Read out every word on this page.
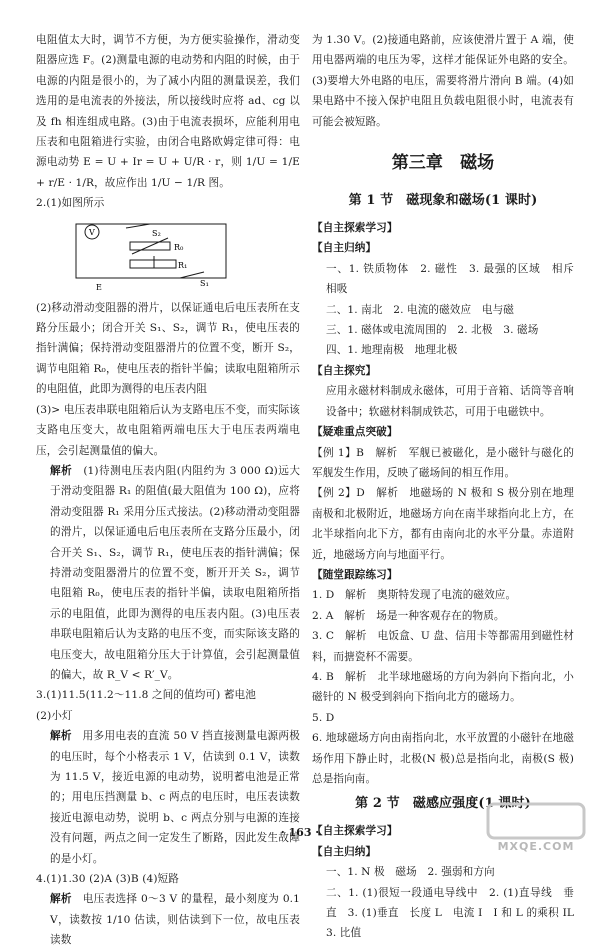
电阻值太大时，调节不方便，为方便实验操作，滑动变阻器应选 F。(2)测量电源的电动势和内阻的时候，由于电源的内阻是很小的，为了减小内阻的测量误差，我们选用的是电流表的外接法，所以接线时应将 ad、cg 以及 fh 相连组成电路。(3)由于电流表损坏，应能利用电压表和电阻箱进行实验，由闭合电路欧姆定律可得：电源电动势 E = U + Ir = U + U/R · r，则 1/U = 1/E + r/E · 1/R，故应作出 1/U − 1/R 图。
2.(1)如图所示
V	S₂
R₀
R₁
E	S₁
(2)移动滑动变阻器的滑片，以保证通电后电压表所在支路分压最小；闭合开关 S₁、S₂，调节 R₁，使电压表的指针满偏；保持滑动变阻器滑片的位置不变，断开 S₂，调节电阻箱 R₀，使电压表的指针半偏；读取电阻箱所示的电阻值，此即为测得的电压表内阻
(3)> 电压表串联电阻箱后认为支路电压不变，而实际该支路电压变大，故电阻箱两端电压大于电压表两端电压，会引起测量值的偏大。
解析　 (1)待测电压表内阻(内阻约为 3 000 Ω)远大于滑动变阻器 R₁ 的阻值(最大阻值为 100 Ω)，应将滑动变阻器 R₁ 采用分压式接法。(2)移动滑动变阻器的滑片，以保证通电后电压表所在支路分压最小，闭合开关 S₁、S₂，调节 R₁，使电压表的指针满偏；保持滑动变阻器滑片的位置不变，断开开关 S₂，调节电阻箱 R₀，使电压表的指针半偏，读取电阻箱所指示的电阻值，此即为测得的电压表内阻。(3)电压表串联电阻箱后认为支路的电压不变，而实际该支路的电压变大，故电阻箱分压大于计算值，会引起测量值的偏大，故 R_V < R′_V。
3.(1)11.5(11.2～11.8 之间的值均可) 蓄电池
(2)小灯
解析　 用多用电表的直流 50 V 挡直接测量电源两极的电压时，每个小格表示 1 V，估读到 0.1 V，读数为 11.5 V，接近电源的电动势，说明蓄电池是正常的；用电压挡测量 b、c 两点的电压时，电压表读数接近电源电动势，说明 b、c 两点分别与电源的连接没有问题，两点之间一定发生了断路，因此发生故障的是小灯。
4.(1)1.30 (2)A (3)B (4)短路
解析　 电压表选择 0～3 V 的量程，最小刻度为 0.1 V，读数按 1/10 估读，则估读到下一位，故电压表读数
为 1.30 V。(2)接通电路前，应该使滑片置于 A 端，使用电器两端的电压为零，这样才能保证外电路的安全。(3)要增大外电路的电压，需要将滑片滑向 B 端。(4)如果电路中不接入保护电阻且负载电阻很小时，电流表有可能会被短路。
第三章　磁场
第 1 节　磁现象和磁场(1 课时)
【自主探索学习】
【自主归纳】
一、1. 铁质物体　2. 磁性　3. 最强的区域　相斥　相吸
二、1. 南北　2. 电流的磁效应　电与磁
三、1. 磁体或电流周围的　2. 北极　3. 磁场
四、1. 地理南极　地理北极
【自主探究】
应用永磁材料制成永磁体，可用于音箱、话筒等音响设备中；软磁材料制成铁芯，可用于电磁铁中。
【疑难重点突破】
【例 1】B　解析　军舰已被磁化，是小磁针与磁化的军舰发生作用，反映了磁场间的相互作用。
【例 2】D　解析　地磁场的 N 极和 S 极分别在地理南极和北极附近，地磁场方向在南半球指向北上方，在北半球指向北下方，都有由南向北的水平分量。赤道附近，地磁场方向与地面平行。
【随堂跟踪练习】
1. D　解析　奥斯特发现了电流的磁效应。
2. A　解析　场是一种客观存在的物质。
3. C　解析　电饭盒、U 盘、信用卡等都需用到磁性材料，而搪瓷杯不需要。
4. B　解析　北半球地磁场的方向为斜向下指向北，小磁针的 N 极受到斜向下指向北方的磁场力。
5. D
6. 地球磁场方向由南指向北，水平放置的小磁针在地磁场作用下静止时，北极(N 极)总是指向北，南极(S 极)总是指向南。
第 2 节　磁感应强度(1 课时)
【自主探索学习】
【自主归纳】
一、1. N 极　磁场　2. 强弱和方向
二、1. (1)很短一段通电导线中　2. (1)直导线　垂直　3. (1)垂直　长度 L　电流 I　I 和 L 的乘积 IL　3. 比值
· 163 ·
MXQE.COM
